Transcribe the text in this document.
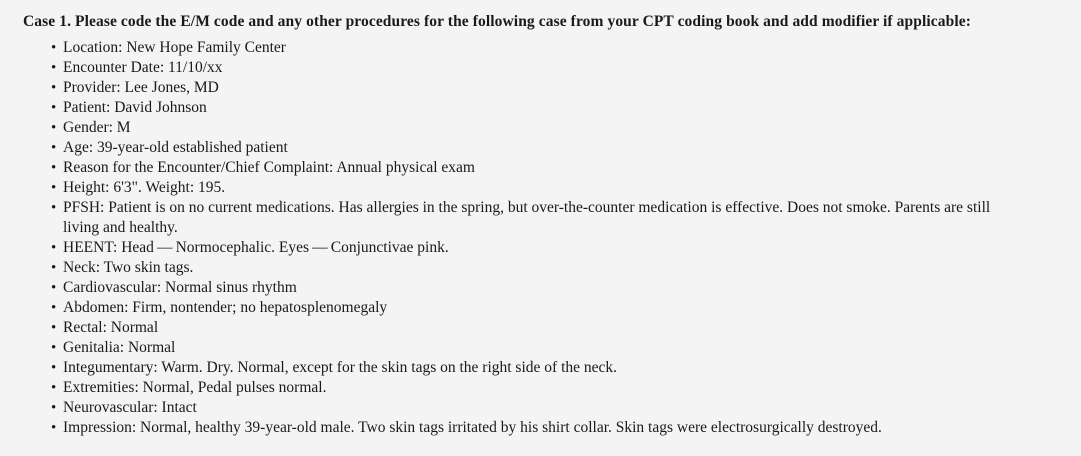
Case 1. Please code the E/M code and any other procedures for the following case from your CPT coding book and add modifier if applicable:

• Location: New Hope Family Center
• Encounter Date: 11/10/xx
• Provider: Lee Jones, MD
• Patient: David Johnson
• Gender: M
• Age: 39-year-old established patient
• Reason for the Encounter/Chief Complaint: Annual physical exam
• Height: 6'3". Weight: 195.
• PFSH: Patient is on no current medications. Has allergies in the spring, but over-the-counter medication is effective. Does not smoke. Parents are still living and healthy.
• HEENT: Head — Normocephalic. Eyes — Conjunctivae pink.
• Neck: Two skin tags.
• Cardiovascular: Normal sinus rhythm
• Abdomen: Firm, nontender; no hepatosplenomegaly
• Rectal: Normal
• Genitalia: Normal
• Integumentary: Warm. Dry. Normal, except for the skin tags on the right side of the neck.
• Extremities: Normal, Pedal pulses normal.
• Neurovascular: Intact
• Impression: Normal, healthy 39-year-old male. Two skin tags irritated by his shirt collar. Skin tags were electrosurgically destroyed.
